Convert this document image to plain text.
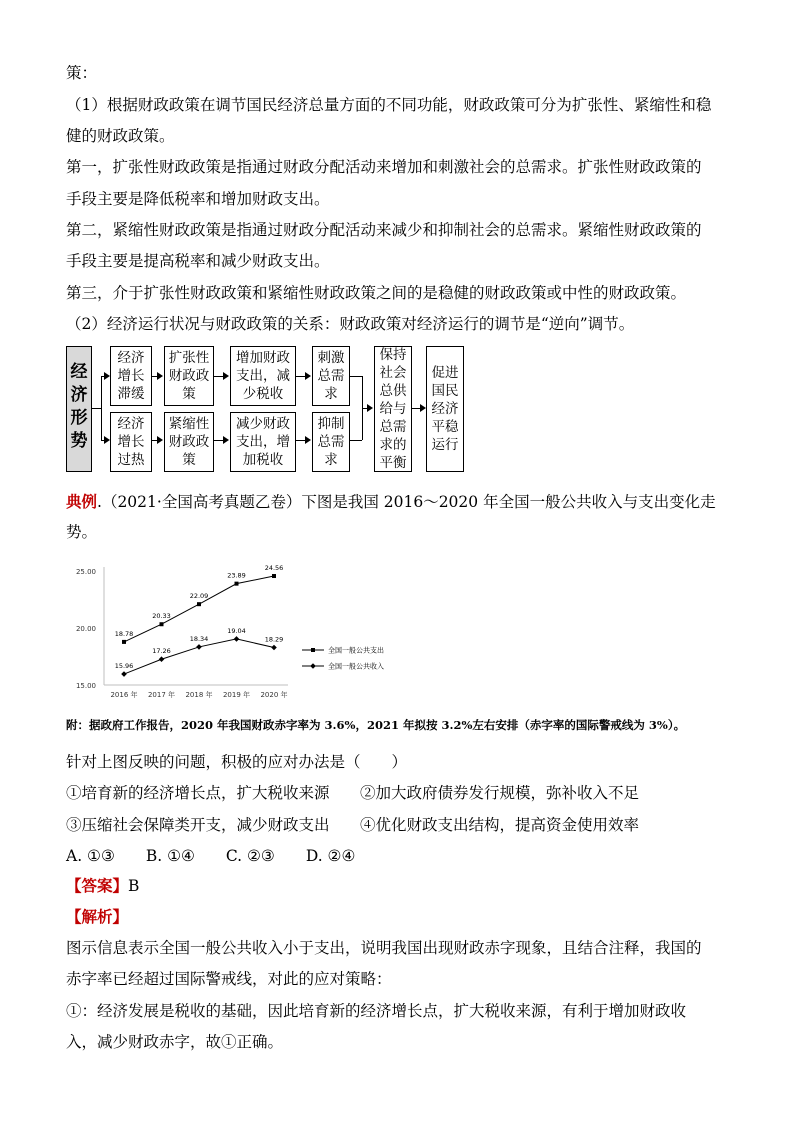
策：
（1）根据财政政策在调节国民经济总量方面的不同功能，财政政策可分为扩张性、紧缩性和稳
健的财政政策。
第一，扩张性财政政策是指通过财政分配活动来增加和刺激社会的总需求。扩张性财政政策的
手段主要是降低税率和增加财政支出。
第二，紧缩性财政政策是指通过财政分配活动来减少和抑制社会的总需求。紧缩性财政政策的
手段主要是提高税率和减少财政支出。
第三，介于扩张性财政政策和紧缩性财政政策之间的是稳健的财政政策或中性的财政政策。
（2）经济运行状况与财政政策的关系：财政政策对经济运行的调节是“逆向”调节。
经济形势
经济增长滞缓
扩张性财政政策
增加财政支出，减少税收
刺激总需求
经济增长过热
紧缩性财政政策
减少财政支出，增加税收
抑制总需求
保持社会总供给与总需求的平衡
促进国民经济平稳运行
典例.（2021·全国高考真题乙卷）下图是我国 2016～2020 年全国一般公共收入与支出变化走
势。
15.00
20.00
25.00
2016 年 2017 年 2018 年 2019 年 2020 年
18.78
20.33
22.09
23.89
24.56
全国一般公共支出
15.96
17.26
18.34
19.04
18.29
全国一般公共收入
附：据政府工作报告，2020 年我国财政赤字率为 3.6%，2021 年拟按 3.2%左右安排（赤字率的国际警戒线为 3%）。
针对上图反映的问题，积极的应对办法是（　　）
①培育新的经济增长点，扩大税收来源 ②加大政府债券发行规模，弥补收入不足
③压缩社会保障类开支，减少财政支出 ④优化财政支出结构，提高资金使用效率
A. ①③　　B. ①④　　C. ②③　　D. ②④
【答案】B
【解析】
图示信息表示全国一般公共收入小于支出，说明我国出现财政赤字现象，且结合注释，我国的
赤字率已经超过国际警戒线，对此的应对策略：
①：经济发展是税收的基础，因此培育新的经济增长点，扩大税收来源，有利于增加财政收
入，减少财政赤字，故①正确。
